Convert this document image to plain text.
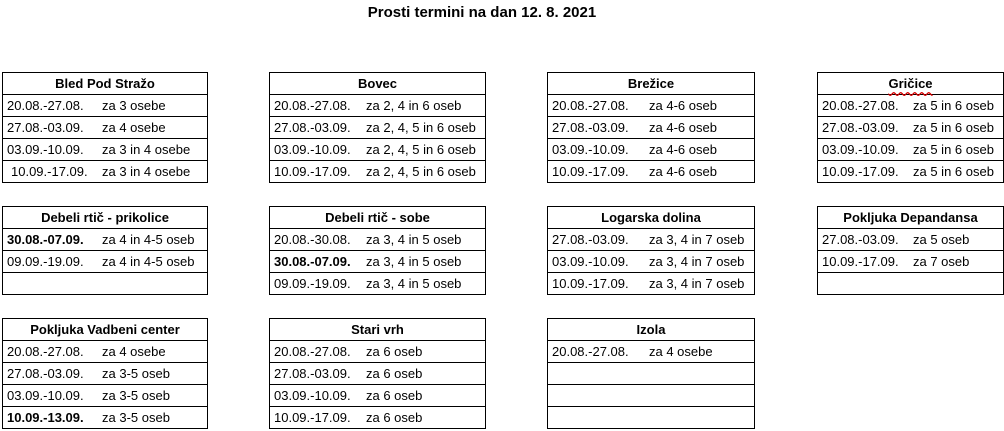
Prosti termini na dan 12. 8. 2021
Bled Pod Stražo
20.08.-27.08. za 3 osebe
27.08.-03.09. za 4 osebe
03.09.-10.09. za 3 in 4 osebe
10.09.-17.09. za 3 in 4 osebe
Bovec
20.08.-27.08. za 2, 4 in 6 oseb
27.08.-03.09. za 2, 4, 5 in 6 oseb
03.09.-10.09. za 2, 4, 5 in 6 oseb
10.09.-17.09. za 2, 4, 5 in 6 oseb
Brežice
20.08.-27.08. za 4-6 oseb
27.08.-03.09. za 4-6 oseb
03.09.-10.09. za 4-6 oseb
10.09.-17.09. za 4-6 oseb
Gričice
20.08.-27.08. za 5 in 6 oseb
27.08.-03.09. za 5 in 6 oseb
03.09.-10.09. za 5 in 6 oseb
10.09.-17.09. za 5 in 6 oseb
Debeli rtič - prikolice
30.08.-07.09. za 4 in 4-5 oseb
09.09.-19.09. za 4 in 4-5 oseb
Debeli rtič - sobe
20.08.-30.08. za 3, 4 in 5 oseb
30.08.-07.09. za 3, 4 in 5 oseb
09.09.-19.09. za 3, 4 in 5 oseb
Logarska dolina
27.08.-03.09. za 3, 4 in 7 oseb
03.09.-10.09. za 3, 4 in 7 oseb
10.09.-17.09. za 3, 4 in 7 oseb
Pokljuka Depandansa
27.08.-03.09. za 5 oseb
10.09.-17.09. za 7 oseb
Pokljuka Vadbeni center
20.08.-27.08. za 4 osebe
27.08.-03.09. za 3-5 oseb
03.09.-10.09. za 3-5 oseb
10.09.-13.09. za 3-5 oseb
Stari vrh
20.08.-27.08. za 6 oseb
27.08.-03.09. za 6 oseb
03.09.-10.09. za 6 oseb
10.09.-17.09. za 6 oseb
Izola
20.08.-27.08. za 4 osebe
